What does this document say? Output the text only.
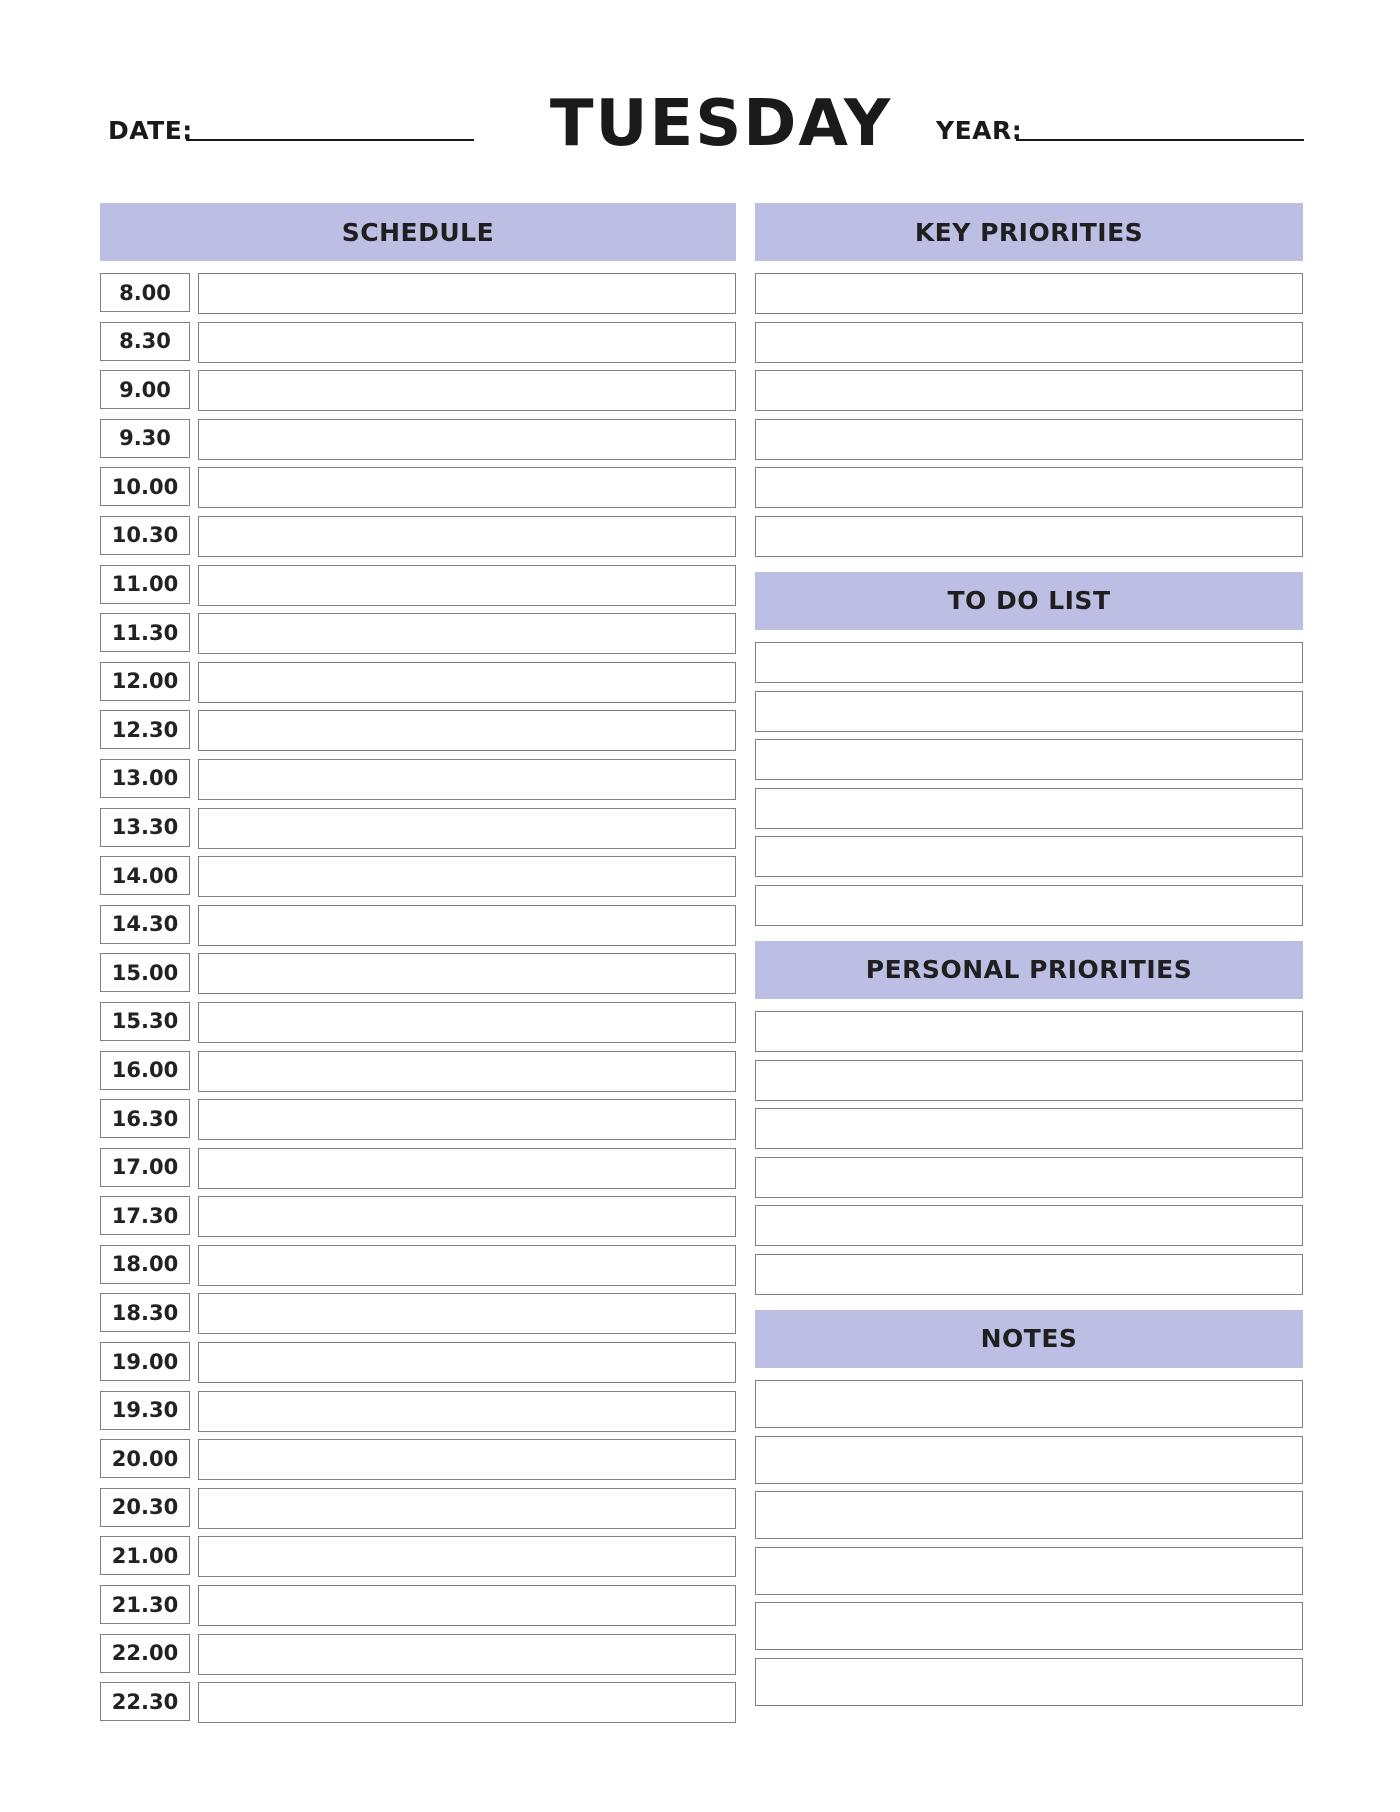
DATE:	TUESDAY	YEAR:
SCHEDULE
8.00
8.30
9.00
9.30
10.00
10.30
11.00
11.30
12.00
12.30
13.00
13.30
14.00
14.30
15.00
15.30
16.00
16.30
17.00
17.30
18.00
18.30
19.00
19.30
20.00
20.30
21.00
21.30
22.00
22.30
KEY PRIORITIES
TO DO LIST
PERSONAL PRIORITIES
NOTES
